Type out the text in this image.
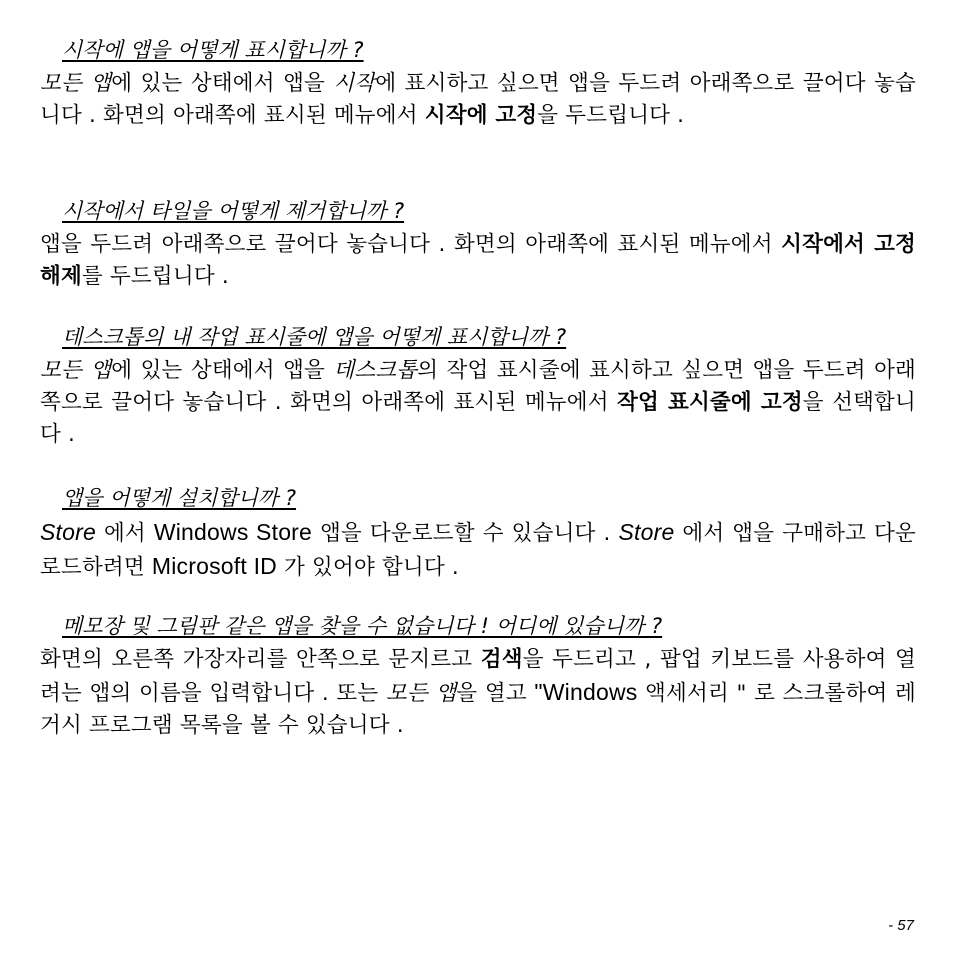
시작에 앱을 어떻게 표시합니까 ?

모든 앱에 있는 상태에서 앱을 시작에 표시하고 싶으면 앱을 두드려 아래쪽으로 끌어다 놓습니다 . 화면의 아래쪽에 표시된 메뉴에서 시작에 고정을 두드립니다 .

시작에서 타일을 어떻게 제거합니까 ?

앱을 두드려 아래쪽으로 끌어다 놓습니다 . 화면의 아래쪽에 표시된 메뉴에서 시작에서 고정 해제를 두드립니다 .

데스크톱의 내 작업 표시줄에 앱을 어떻게 표시합니까 ?

모든 앱에 있는 상태에서 앱을 데스크톱의 작업 표시줄에 표시하고 싶으면 앱을 두드려 아래쪽으로 끌어다 놓습니다 . 화면의 아래쪽에 표시된 메뉴에서 작업 표시줄에 고정을 선택합니다 .

앱을 어떻게 설치합니까 ?

Store 에서 Windows Store 앱을 다운로드할 수 있습니다 . Store 에서 앱을 구매하고 다운로드하려면 Microsoft ID 가 있어야 합니다 .

메모장 및 그림판 같은 앱을 찾을 수 없습니다 ! 어디에 있습니까 ?

화면의 오른쪽 가장자리를 안쪽으로 문지르고 검색을 두드리고 , 팝업 키보드를 사용하여 열려는 앱의 이름을 입력합니다 . 또는 모든 앱을 열고 "Windows 액세서리 " 로 스크롤하여 레거시 프로그램 목록을 볼 수 있습니다 .

- 57
